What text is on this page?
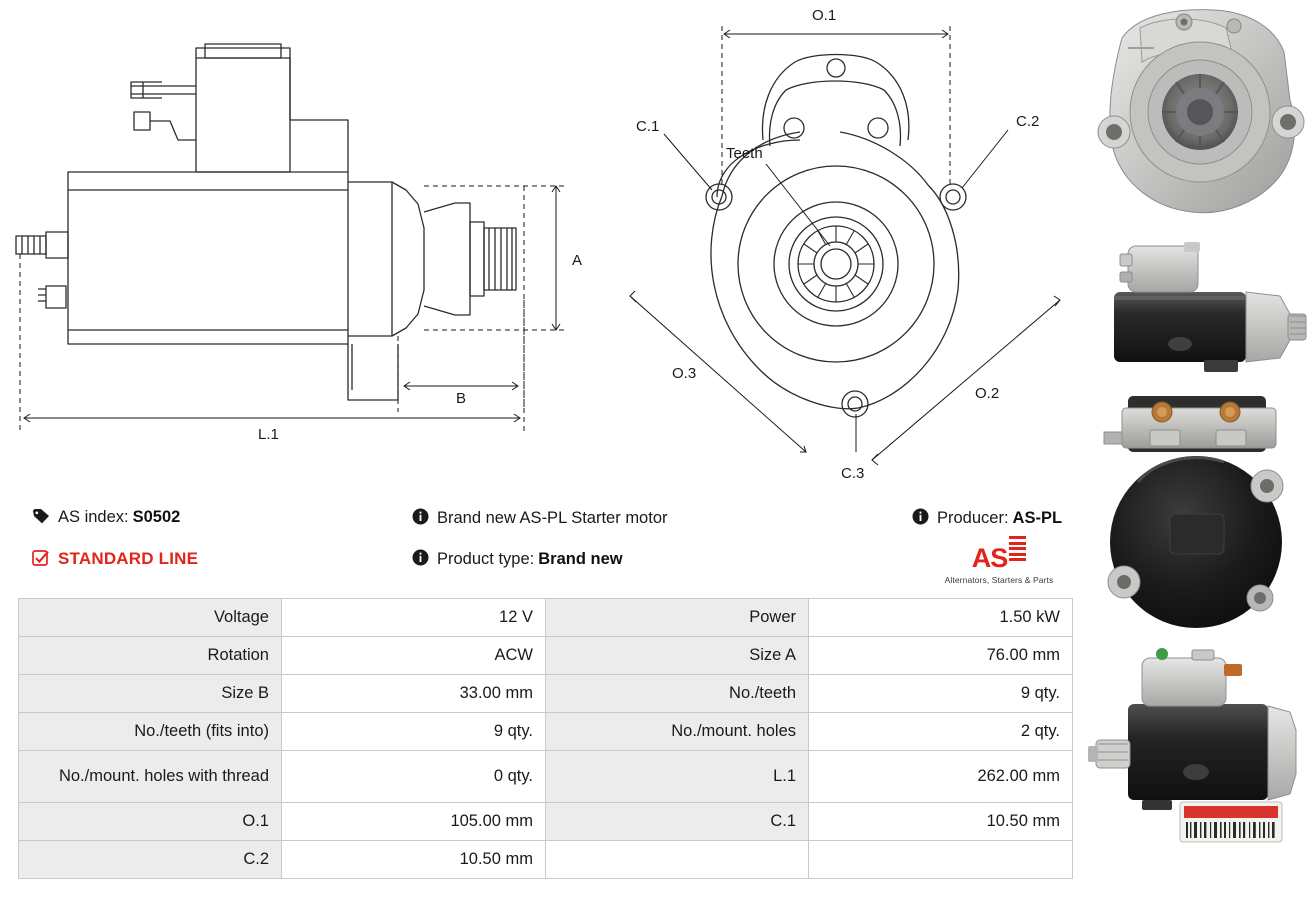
A
B
L.1
O.1
C.1	C.2
C.3
O.3
O.2
Teeth
AS index: S0502	Brand new AS-PL Starter motor	Producer: AS-PL
STANDARD LINE	Product type: Brand new	AS
Alternators, Starters & Parts
Voltage	12 V	Power	1.50 kW
Rotation	ACW	Size A	76.00 mm
Size B	33.00 mm	No./teeth	9 qty.
No./teeth (fits into)	9 qty.	No./mount. holes	2 qty.
No./mount. holes with thread	0 qty.	L.1	262.00 mm
O.1	105.00 mm	C.1	10.50 mm
C.2	10.50 mm		
